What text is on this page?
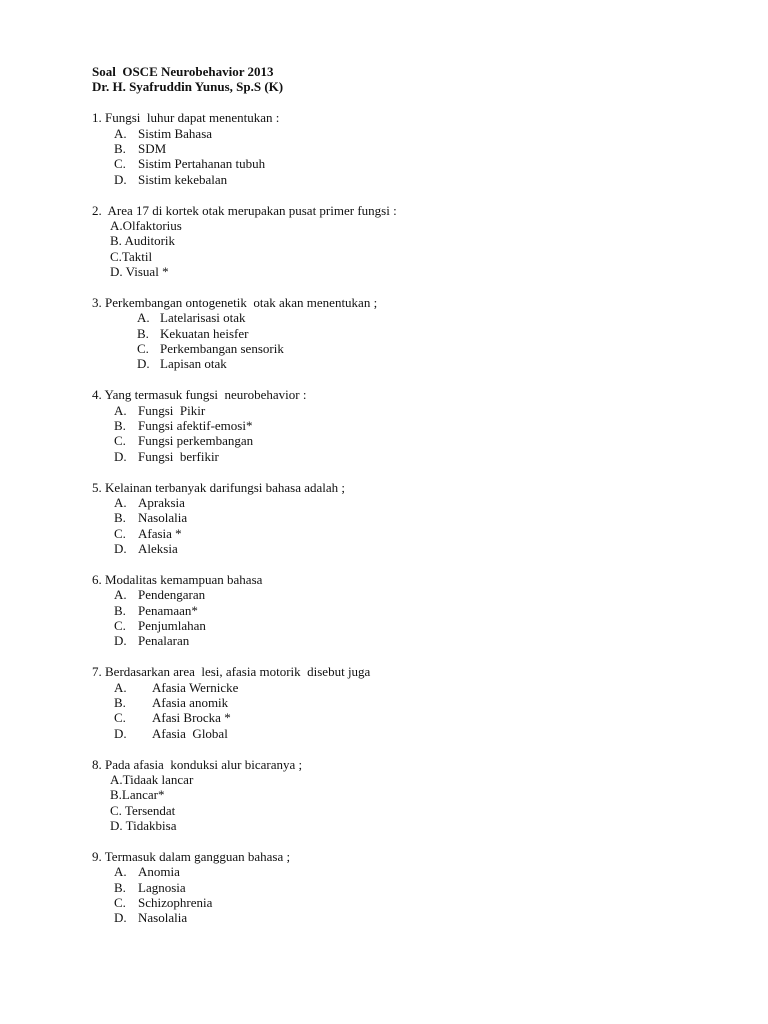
Soal  OSCE Neurobehavior 2013
Dr. H. Syafruddin Yunus, Sp.S (K)
1. Fungsi  luhur dapat menentukan :
A. Sistim Bahasa
B. SDM
C. Sistim Pertahanan tubuh
D. Sistim kekebalan
2.  Area 17 di kortek otak merupakan pusat primer fungsi :
A.Olfaktorius
B. Auditorik
C.Taktil
D. Visual *
3. Perkembangan ontogenetik  otak akan menentukan ;
A. Latelarisasi otak
B. Kekuatan heisfer
C. Perkembangan sensorik
D. Lapisan otak
4. Yang termasuk fungsi  neurobehavior :
A. Fungsi  Pikir
B. Fungsi afektif-emosi*
C. Fungsi perkembangan
D. Fungsi  berfikir
5. Kelainan terbanyak darifungsi bahasa adalah ;
A. Apraksia
B. Nasolalia
C. Afasia *
D. Aleksia
6. Modalitas kemampuan bahasa
A. Pendengaran
B. Penamaan*
C. Penjumlahan
D. Penalaran
7. Berdasarkan area  lesi, afasia motorik  disebut juga
A. Afasia Wernicke
B. Afasia anomik
C. Afasi Brocka *
D. Afasia  Global
8. Pada afasia  konduksi alur bicaranya ;
A.Tidaak lancar
B.Lancar*
C. Tersendat
D. Tidakbisa
9. Termasuk dalam gangguan bahasa ;
A. Anomia
B. Lagnosia
C. Schizophrenia
D. Nasolalia
